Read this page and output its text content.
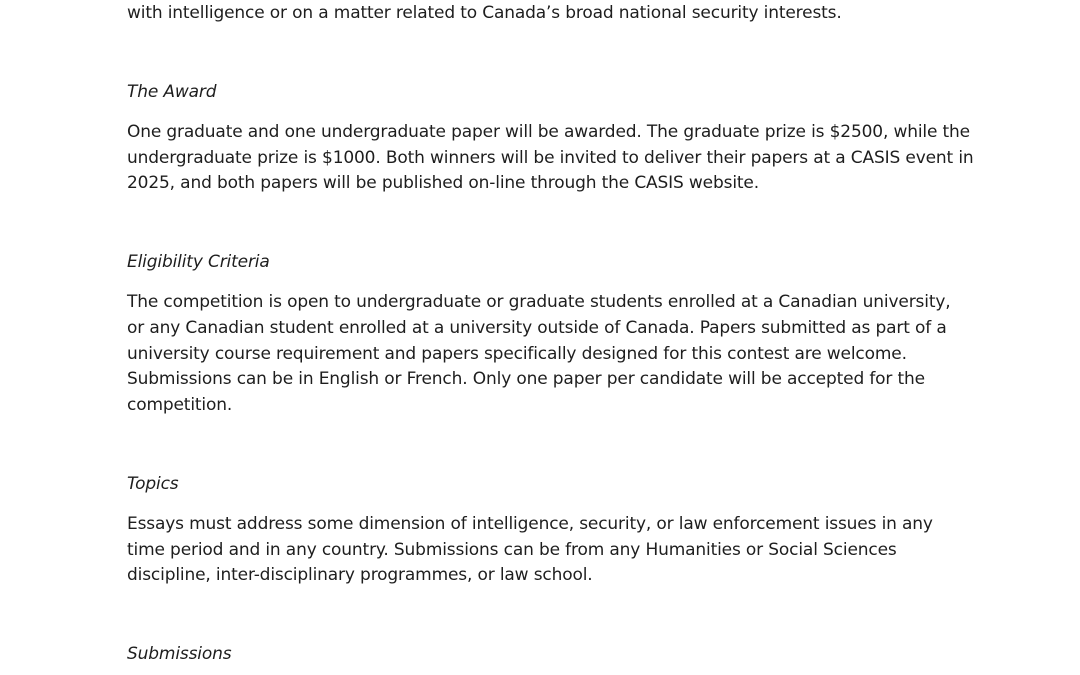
with intelligence or on a matter related to Canada’s broad national security interests.
The Award
One graduate and one undergraduate paper will be awarded. The graduate prize is $2500, while the
undergraduate prize is $1000. Both winners will be invited to deliver their papers at a CASIS event in
2025, and both papers will be published on-line through the CASIS website.
Eligibility Criteria
The competition is open to undergraduate or graduate students enrolled at a Canadian university,
or any Canadian student enrolled at a university outside of Canada. Papers submitted as part of a
university course requirement and papers specifically designed for this contest are welcome.
Submissions can be in English or French. Only one paper per candidate will be accepted for the
competition.
Topics
Essays must address some dimension of intelligence, security, or law enforcement issues in any
time period and in any country. Submissions can be from any Humanities or Social Sciences
discipline, inter-disciplinary programmes, or law school.
Submissions
